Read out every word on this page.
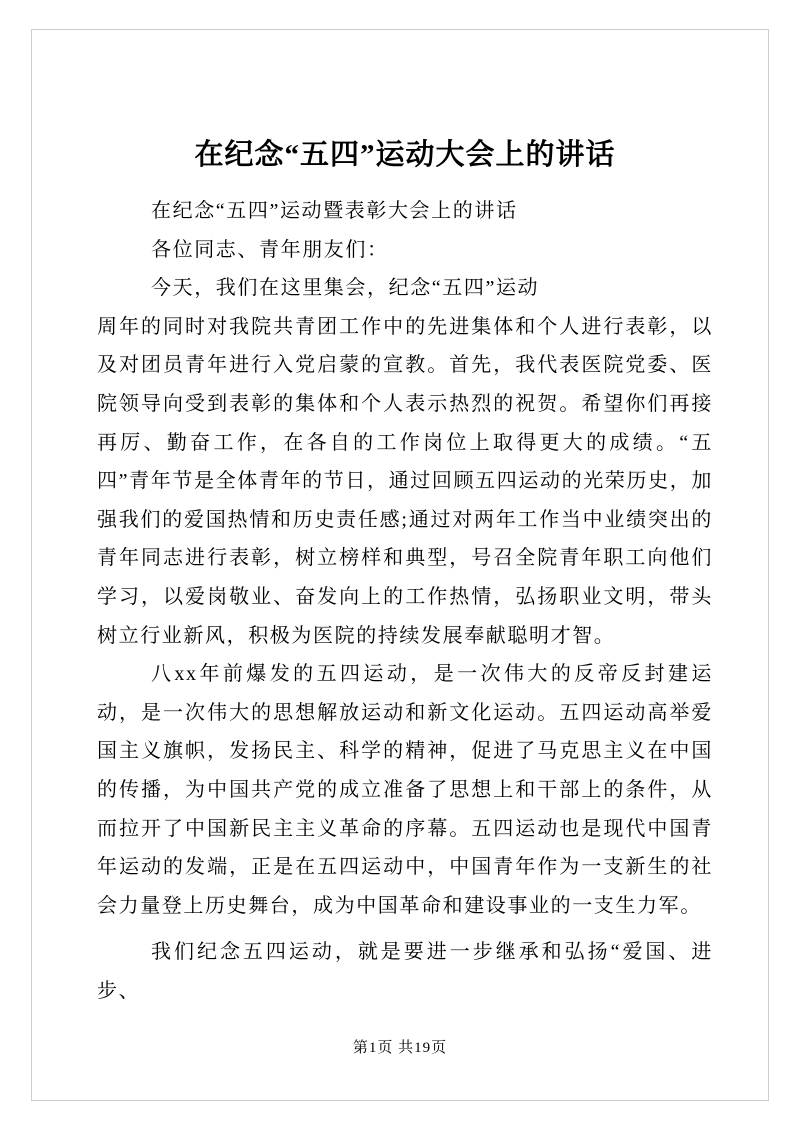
在纪念“五四”运动大会上的讲话

在纪念“五四”运动暨表彰大会上的讲话

各位同志、青年朋友们：

今天，我们在这里集会，纪念“五四”运动

周年的同时对我院共青团工作中的先进集体和个人进行表彰，以及对团员青年进行入党启蒙的宣教。首先，我代表医院党委、医院领导向受到表彰的集体和个人表示热烈的祝贺。希望你们再接再厉、勤奋工作，在各自的工作岗位上取得更大的成绩。“五四”青年节是全体青年的节日，通过回顾五四运动的光荣历史，加强我们的爱国热情和历史责任感;通过对两年工作当中业绩突出的青年同志进行表彰，树立榜样和典型，号召全院青年职工向他们学习，以爱岗敬业、奋发向上的工作热情，弘扬职业文明，带头树立行业新风，积极为医院的持续发展奉献聪明才智。

八xx年前爆发的五四运动，是一次伟大的反帝反封建运动，是一次伟大的思想解放运动和新文化运动。五四运动高举爱国主义旗帜，发扬民主、科学的精神，促进了马克思主义在中国的传播，为中国共产党的成立准备了思想上和干部上的条件，从而拉开了中国新民主主义革命的序幕。五四运动也是现代中国青年运动的发端，正是在五四运动中，中国青年作为一支新生的社会力量登上历史舞台，成为中国革命和建设事业的一支生力军。

我们纪念五四运动，就是要进一步继承和弘扬“爱国、进步、

第1页 共19页
